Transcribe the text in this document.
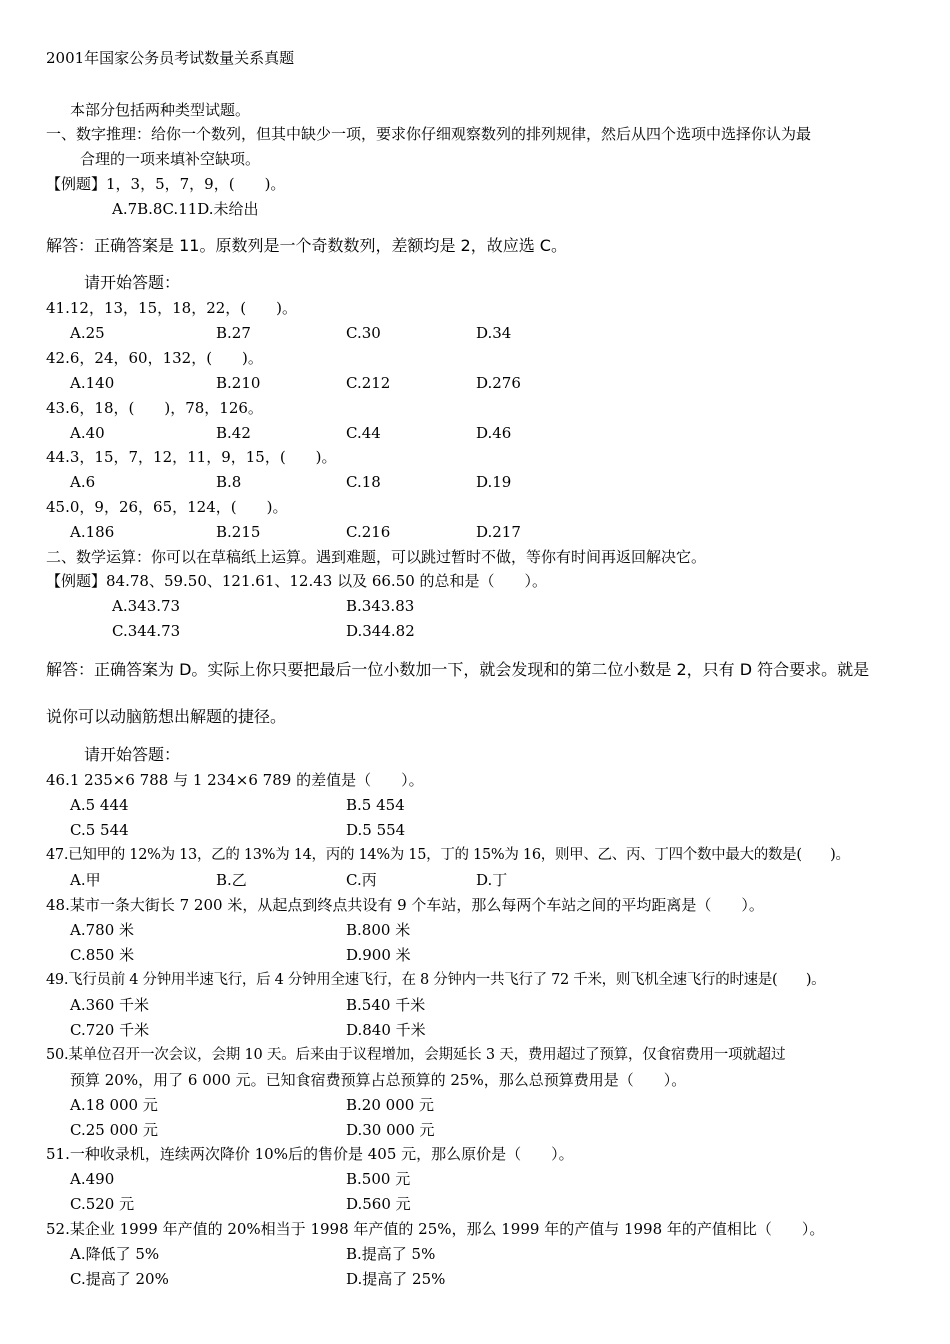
2001年国家公务员考试数量关系真题
本部分包括两种类型试题。
一、数字推理：给你一个数列，但其中缺少一项，要求你仔细观察数列的排列规律，然后从四个选项中选择你认为最
合理的一项来填补空缺项。
【例题】1，3，5，7，9，(　　)。
A.7B.8C.11D.未给出
解答：正确答案是 11。原数列是一个奇数数列，差额均是 2，故应选 C。
请开始答题：
41.12，13，15，18，22，(　　)。
A.25	B.27	C.30	D.34
42.6，24，60，132，(　　)。
A.140	B.210	C.212	D.276
43.6，18，(　　)，78，126。
A.40	B.42	C.44	D.46
44.3，15，7，12，11，9，15，(　　)。
A.6	B.8	C.18	D.19
45.0，9，26，65，124，(　　)。
A.186	B.215	C.216	D.217
二、数学运算：你可以在草稿纸上运算。遇到难题，可以跳过暂时不做，等你有时间再返回解决它。
【例题】84.78、59.50、121.61、12.43 以及 66.50 的总和是（　　）。
A.343.73	B.343.83
C.344.73	D.344.82
解答：正确答案为 D。实际上你只要把最后一位小数加一下，就会发现和的第二位小数是 2，只有 D 符合要求。就是
说你可以动脑筋想出解题的捷径。
请开始答题：
46.1 235×6 788 与 1 234×6 789 的差值是（　　）。
A.5 444	B.5 454
C.5 544	D.5 554
47.已知甲的 12%为 13，乙的 13%为 14，丙的 14%为 15，丁的 15%为 16，则甲、乙、丙、丁四个数中最大的数是(　　)。
A.甲	B.乙	C.丙	D.丁
48.某市一条大街长 7 200 米，从起点到终点共设有 9 个车站，那么每两个车站之间的平均距离是（　　）。
A.780 米	B.800 米
C.850 米	D.900 米
49.飞行员前 4 分钟用半速飞行，后 4 分钟用全速飞行，在 8 分钟内一共飞行了 72 千米，则飞机全速飞行的时速是(　　)。
A.360 千米	B.540 千米
C.720 千米	D.840 千米
50.某单位召开一次会议，会期 10 天。后来由于议程增加，会期延长 3 天，费用超过了预算，仅食宿费用一项就超过
预算 20%，用了 6 000 元。已知食宿费预算占总预算的 25%，那么总预算费用是（　　）。
A.18 000 元	B.20 000 元
C.25 000 元	D.30 000 元
51.一种收录机，连续两次降价 10%后的售价是 405 元，那么原价是（　　）。
A.490	B.500 元
C.520 元	D.560 元
52.某企业 1999 年产值的 20%相当于 1998 年产值的 25%，那么 1999 年的产值与 1998 年的产值相比（　　）。
A.降低了 5%	B.提高了 5%
C.提高了 20%	D.提高了 25%
